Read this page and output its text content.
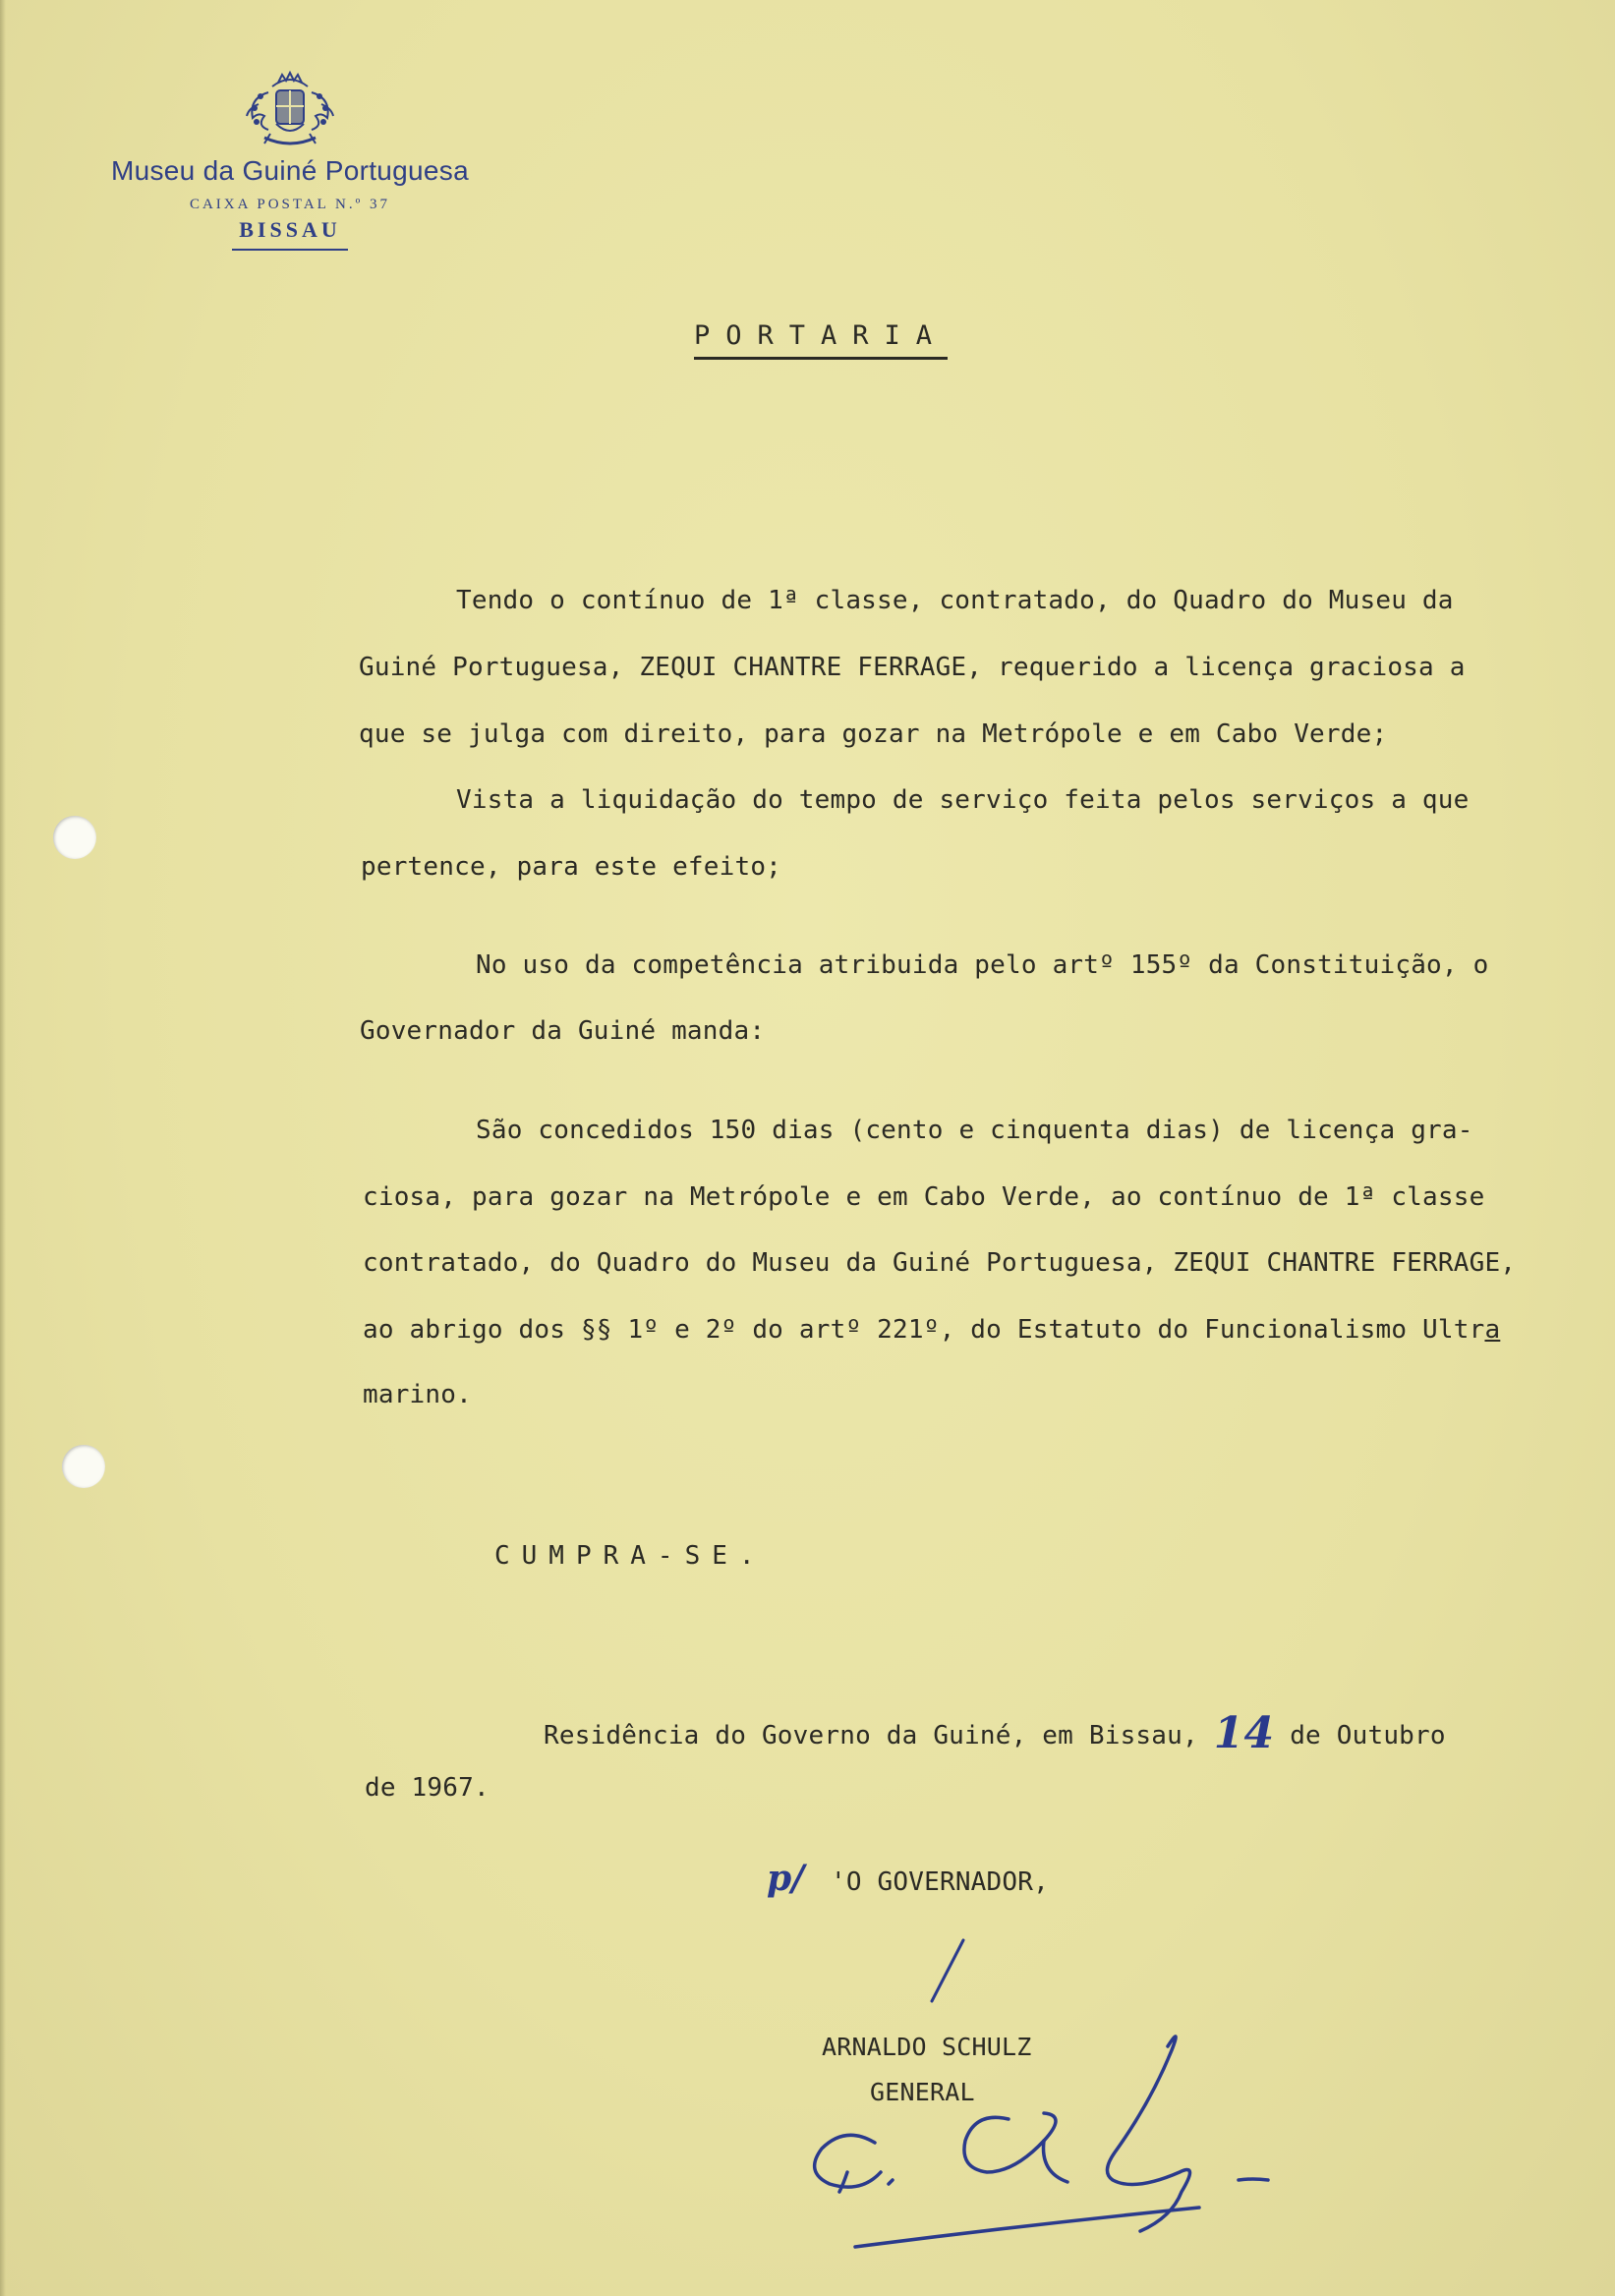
Museu da Guiné Portuguesa
CAIXA POSTAL N.º 37
BISSAU
PORTARIA
Tendo o contínuo de 1ª classe, contratado, do Quadro do Museu da
Guiné Portuguesa, ZEQUI CHANTRE FERRAGE, requerido a licença graciosa a
que se julga com direito, para gozar na Metrópole e em Cabo Verde;
Vista a liquidação do tempo de serviço feita pelos serviços a que
pertence, para este efeito;
No uso da competência atribuida pelo artº 155º da Constituição, o
Governador da Guiné manda:
São concedidos 150 dias (cento e cinquenta dias) de licença gra-
ciosa, para gozar na Metrópole e em Cabo Verde, ao contínuo de 1ª classe
contratado, do Quadro do Museu da Guiné Portuguesa, ZEQUI CHANTRE FERRAGE,
ao abrigo dos §§ 1º e 2º do artº 221º, do Estatuto do Funcionalismo Ultra
marino.
CUMPRA-SE.
Residência do Governo da Guiné, em Bissau, 14 de Outubro
de 1967.
p/ 'O GOVERNADOR,
ARNALDO SCHULZ
GENERAL
